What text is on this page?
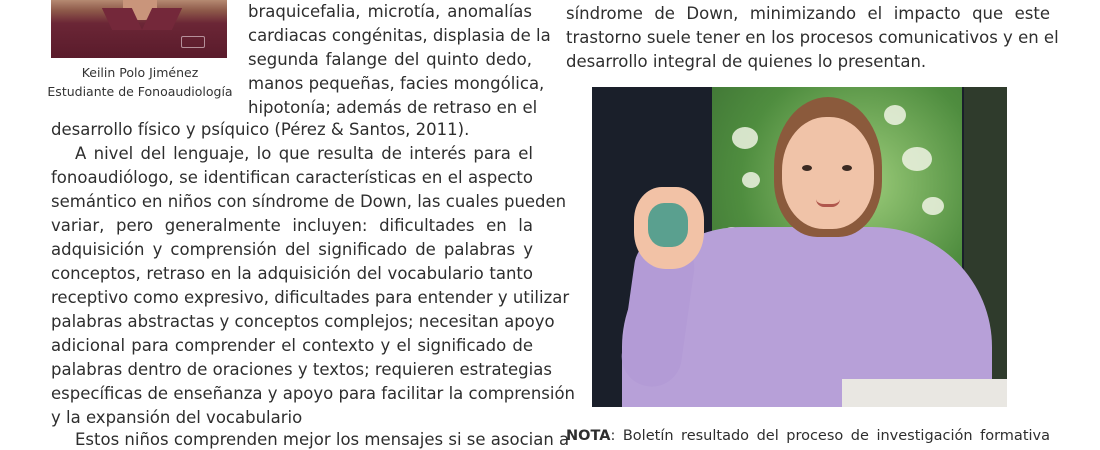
Keilin Polo Jiménez
Estudiante de Fonoaudiología
braquicefalia, microtía, anomalías
cardiacas congénitas, displasia de la
segunda falange del quinto dedo,
manos pequeñas, facies mongólica,
hipotonía; además de retraso en el
desarrollo físico y psíquico (Pérez & Santos, 2011).
A nivel del lenguaje, lo que resulta de interés para el
fonoaudiólogo, se identifican características en el aspecto
semántico en niños con síndrome de Down, las cuales pueden
variar, pero generalmente incluyen: dificultades en la
adquisición y comprensión del significado de palabras y
conceptos, retraso en la adquisición del vocabulario tanto
receptivo como expresivo, dificultades para entender y utilizar
palabras abstractas y conceptos complejos; necesitan apoyo
adicional para comprender el contexto y el significado de
palabras dentro de oraciones y textos; requieren estrategias
específicas de enseñanza y apoyo para facilitar la comprensión
y la expansión del vocabulario
Estos niños comprenden mejor los mensajes si se asocian a
síndrome de Down, minimizando el impacto que este
trastorno suele tener en los procesos comunicativos y en el
desarrollo integral de quienes lo presentan.
NOTA: Boletín resultado del proceso de investigación formativa
